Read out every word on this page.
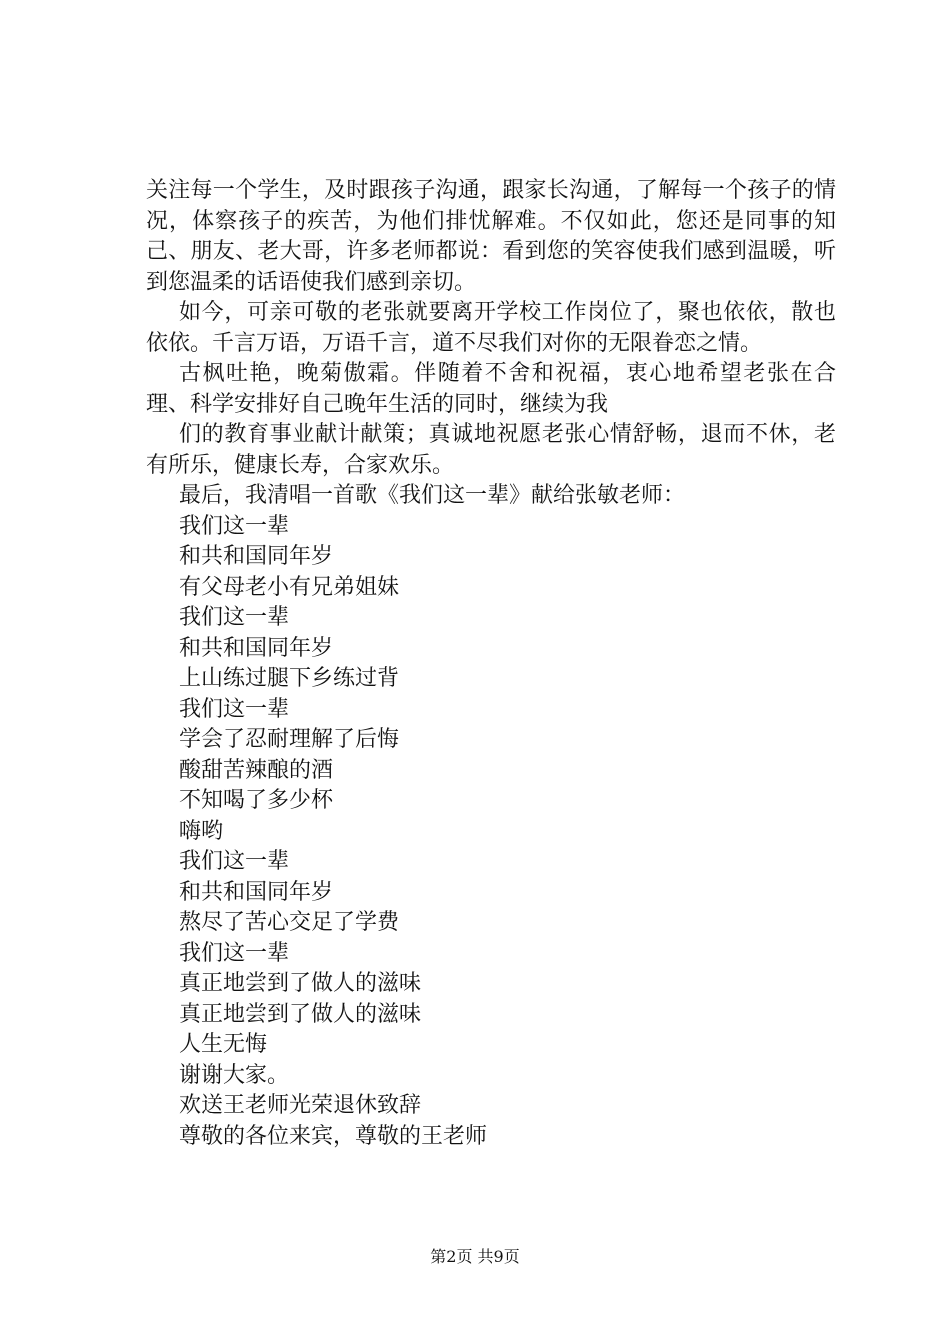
关注每一个学生，及时跟孩子沟通，跟家长沟通，了解每一个孩子的情况，体察孩子的疾苦，为他们排忧解难。不仅如此，您还是同事的知己、朋友、老大哥，许多老师都说：看到您的笑容使我们感到温暖，听到您温柔的话语使我们感到亲切。

如今，可亲可敬的老张就要离开学校工作岗位了，聚也依依，散也依依。千言万语，万语千言，道不尽我们对你的无限眷恋之情。

古枫吐艳，晚菊傲霜。伴随着不舍和祝福，衷心地希望老张在合理、科学安排好自己晚年生活的同时，继续为我

们的教育事业献计献策；真诚地祝愿老张心情舒畅，退而不休，老有所乐，健康长寿，合家欢乐。

最后，我清唱一首歌《我们这一辈》献给张敏老师：

我们这一辈

和共和国同年岁

有父母老小有兄弟姐妹

我们这一辈

和共和国同年岁

上山练过腿下乡练过背

我们这一辈

学会了忍耐理解了后悔

酸甜苦辣酿的酒

不知喝了多少杯

嗨哟

我们这一辈

和共和国同年岁

熬尽了苦心交足了学费

我们这一辈

真正地尝到了做人的滋味

真正地尝到了做人的滋味

人生无悔

谢谢大家。

欢送王老师光荣退休致辞

尊敬的各位来宾，尊敬的王老师

第2页 共9页
